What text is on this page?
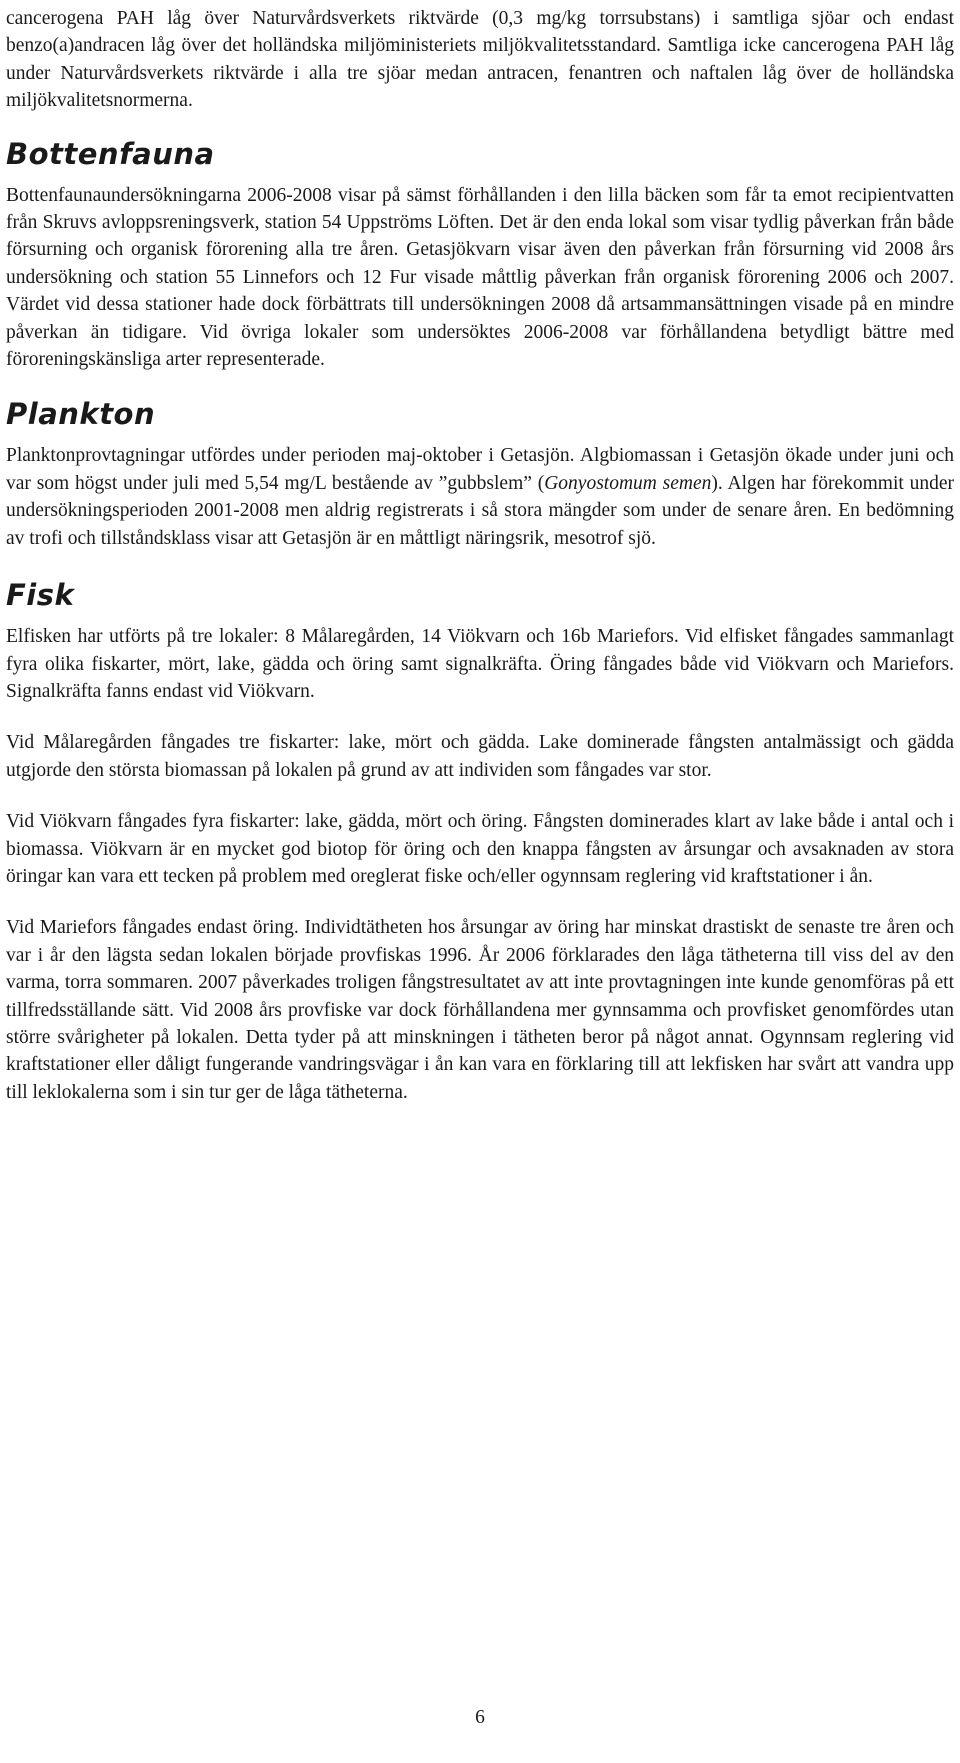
cancerogena PAH låg över Naturvårdsverkets riktvärde (0,3 mg/kg torrsubstans) i samtliga sjöar och endast benzo(a)andracen låg över det holländska miljöministeriets miljökvalitetsstandard. Samtliga icke cancerogena PAH låg under Naturvårdsverkets riktvärde i alla tre sjöar medan antracen, fenantren och naftalen låg över de holländska miljökvalitetsnormerna.

Bottenfauna

Bottenfaunaundersökningarna 2006-2008 visar på sämst förhållanden i den lilla bäcken som får ta emot recipientvatten från Skruvs avloppsreningsverk, station 54 Uppströms Löften. Det är den enda lokal som visar tydlig påverkan från både försurning och organisk förorening alla tre åren. Getasjökvarn visar även den påverkan från försurning vid 2008 års undersökning och station 55 Linnefors och 12 Fur visade måttlig påverkan från organisk förorening 2006 och 2007. Värdet vid dessa stationer hade dock förbättrats till undersökningen 2008 då artsammansättningen visade på en mindre påverkan än tidigare. Vid övriga lokaler som undersöktes 2006-2008 var förhållandena betydligt bättre med föroreningskänsliga arter representerade.

Plankton

Planktonprovtagningar utfördes under perioden maj-oktober i Getasjön. Algbiomassan i Getasjön ökade under juni och var som högst under juli med 5,54 mg/L bestående av ”gubbslem” (Gonyostomum semen). Algen har förekommit under undersökningsperioden 2001-2008 men aldrig registrerats i så stora mängder som under de senare åren. En bedömning av trofi och tillståndsklass visar att Getasjön är en måttligt näringsrik, mesotrof sjö.

Fisk

Elfisken har utförts på tre lokaler: 8 Målaregården, 14 Viökvarn och 16b Mariefors. Vid elfisket fångades sammanlagt fyra olika fiskarter, mört, lake, gädda och öring samt signalkräfta. Öring fångades både vid Viökvarn och Mariefors. Signalkräfta fanns endast vid Viökvarn.

Vid Målaregården fångades tre fiskarter: lake, mört och gädda. Lake dominerade fångsten antalmässigt och gädda utgjorde den största biomassan på lokalen på grund av att individen som fångades var stor.

Vid Viökvarn fångades fyra fiskarter: lake, gädda, mört och öring. Fångsten dominerades klart av lake både i antal och i biomassa. Viökvarn är en mycket god biotop för öring och den knappa fångsten av årsungar och avsaknaden av stora öringar kan vara ett tecken på problem med oreglerat fiske och/eller ogynnsam reglering vid kraftstationer i ån.

Vid Mariefors fångades endast öring. Individtätheten hos årsungar av öring har minskat drastiskt de senaste tre åren och var i år den lägsta sedan lokalen började provfiskas 1996. År 2006 förklarades den låga tätheterna till viss del av den varma, torra sommaren. 2007 påverkades troligen fångstresultatet av att inte provtagningen inte kunde genomföras på ett tillfredsställande sätt. Vid 2008 års provfiske var dock förhållandena mer gynnsamma och provfisket genomfördes utan större svårigheter på lokalen. Detta tyder på att minskningen i tätheten beror på något annat. Ogynnsam reglering vid kraftstationer eller dåligt fungerande vandringsvägar i ån kan vara en förklaring till att lekfisken har svårt att vandra upp till leklokalerna som i sin tur ger de låga tätheterna.

6
